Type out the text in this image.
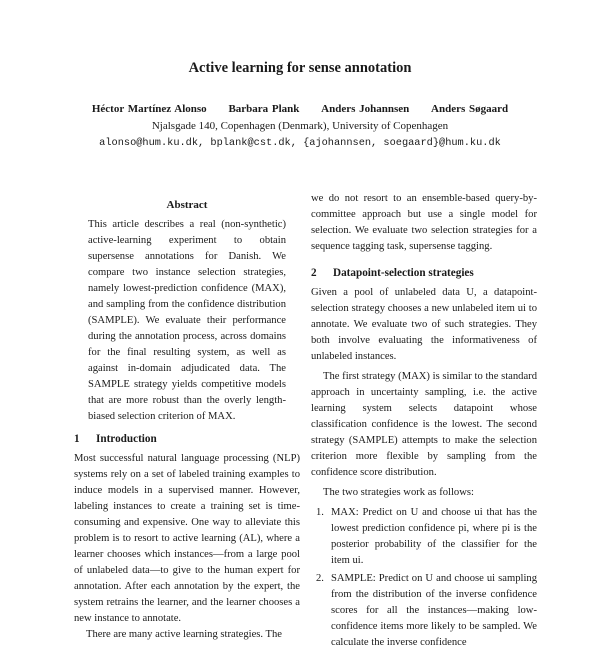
Active learning for sense annotation
Héctor Martínez Alonso Barbara Plank Anders Johannsen Anders Søgaard
Njalsgade 140, Copenhagen (Denmark), University of Copenhagen
alonso@hum.ku.dk, bplank@cst.dk, {ajohannsen, soegaard}@hum.ku.dk
Abstract

This article describes a real (non-synthetic) active-learning experiment to obtain supersense annotations for Danish. We compare two instance selection strategies, namely lowest-prediction confidence (MAX), and sampling from the confidence distribution (SAMPLE). We evaluate their performance during the annotation process, across domains for the final resulting system, as well as against in-domain adjudicated data. The SAMPLE strategy yields competitive models that are more robust than the overly length-biased selection criterion of MAX.

1 Introduction

Most successful natural language processing (NLP) systems rely on a set of labeled training examples to induce models in a supervised manner. However, labeling instances to create a training set is time-consuming and expensive. One way to alleviate this problem is to resort to active learning (AL), where a learner chooses which instances—from a large pool of unlabeled data—to give to the human expert for annotation. After each annotation by the expert, the system retrains the learner, and the learner chooses a new instance to annotate.

There are many active learning strategies. The

we do not resort to an ensemble-based query-by-committee approach but use a single model for selection. We evaluate two selection strategies for a sequence tagging task, supersense tagging.

2 Datapoint-selection strategies

Given a pool of unlabeled data U, a datapoint-selection strategy chooses a new unlabeled item ui to annotate. We evaluate two of such strategies. They both involve evaluating the informativeness of unlabeled instances.

The first strategy (MAX) is similar to the standard approach in uncertainty sampling, i.e. the active learning system selects datapoint whose classification confidence is the lowest. The second strategy (SAMPLE) attempts to make the selection criterion more flexible by sampling from the confidence score distribution.

The two strategies work as follows:

1. MAX: Predict on U and choose ui that has the lowest prediction confidence pi, where pi is the posterior probability of the classifier for the item ui.
2. SAMPLE: Predict on U and choose ui sampling from the distribution of the inverse confidence scores for all the instances—making low-confidence items more likely to be sampled. We calculate the inverse confidence
